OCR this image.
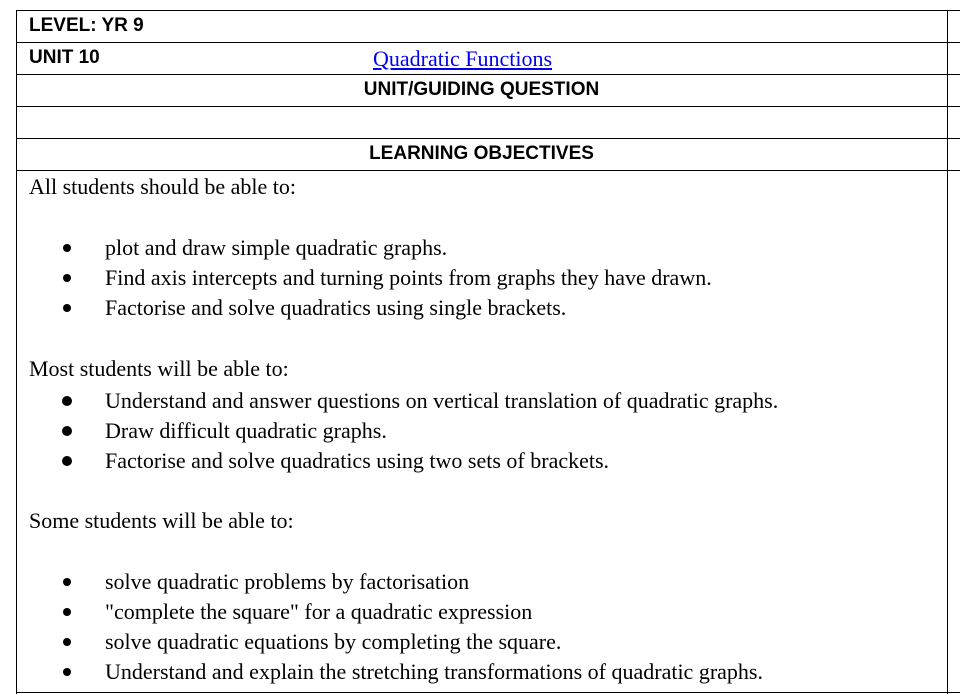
LEVEL: YR 9
UNIT 10	Quadratic Functions
UNIT/GUIDING QUESTION
LEARNING OBJECTIVES
All students should be able to:
plot and draw simple quadratic graphs.
Find axis intercepts and turning points from graphs they have drawn.
Factorise and solve quadratics using single brackets.
Most students will be able to:
Understand and answer questions on vertical translation of quadratic graphs.
Draw difficult quadratic graphs.
Factorise and solve quadratics using two sets of brackets.
Some students will be able to:
solve quadratic problems by factorisation
"complete the square" for a quadratic expression
solve quadratic equations by completing the square.
Understand and explain the stretching transformations of quadratic graphs.
